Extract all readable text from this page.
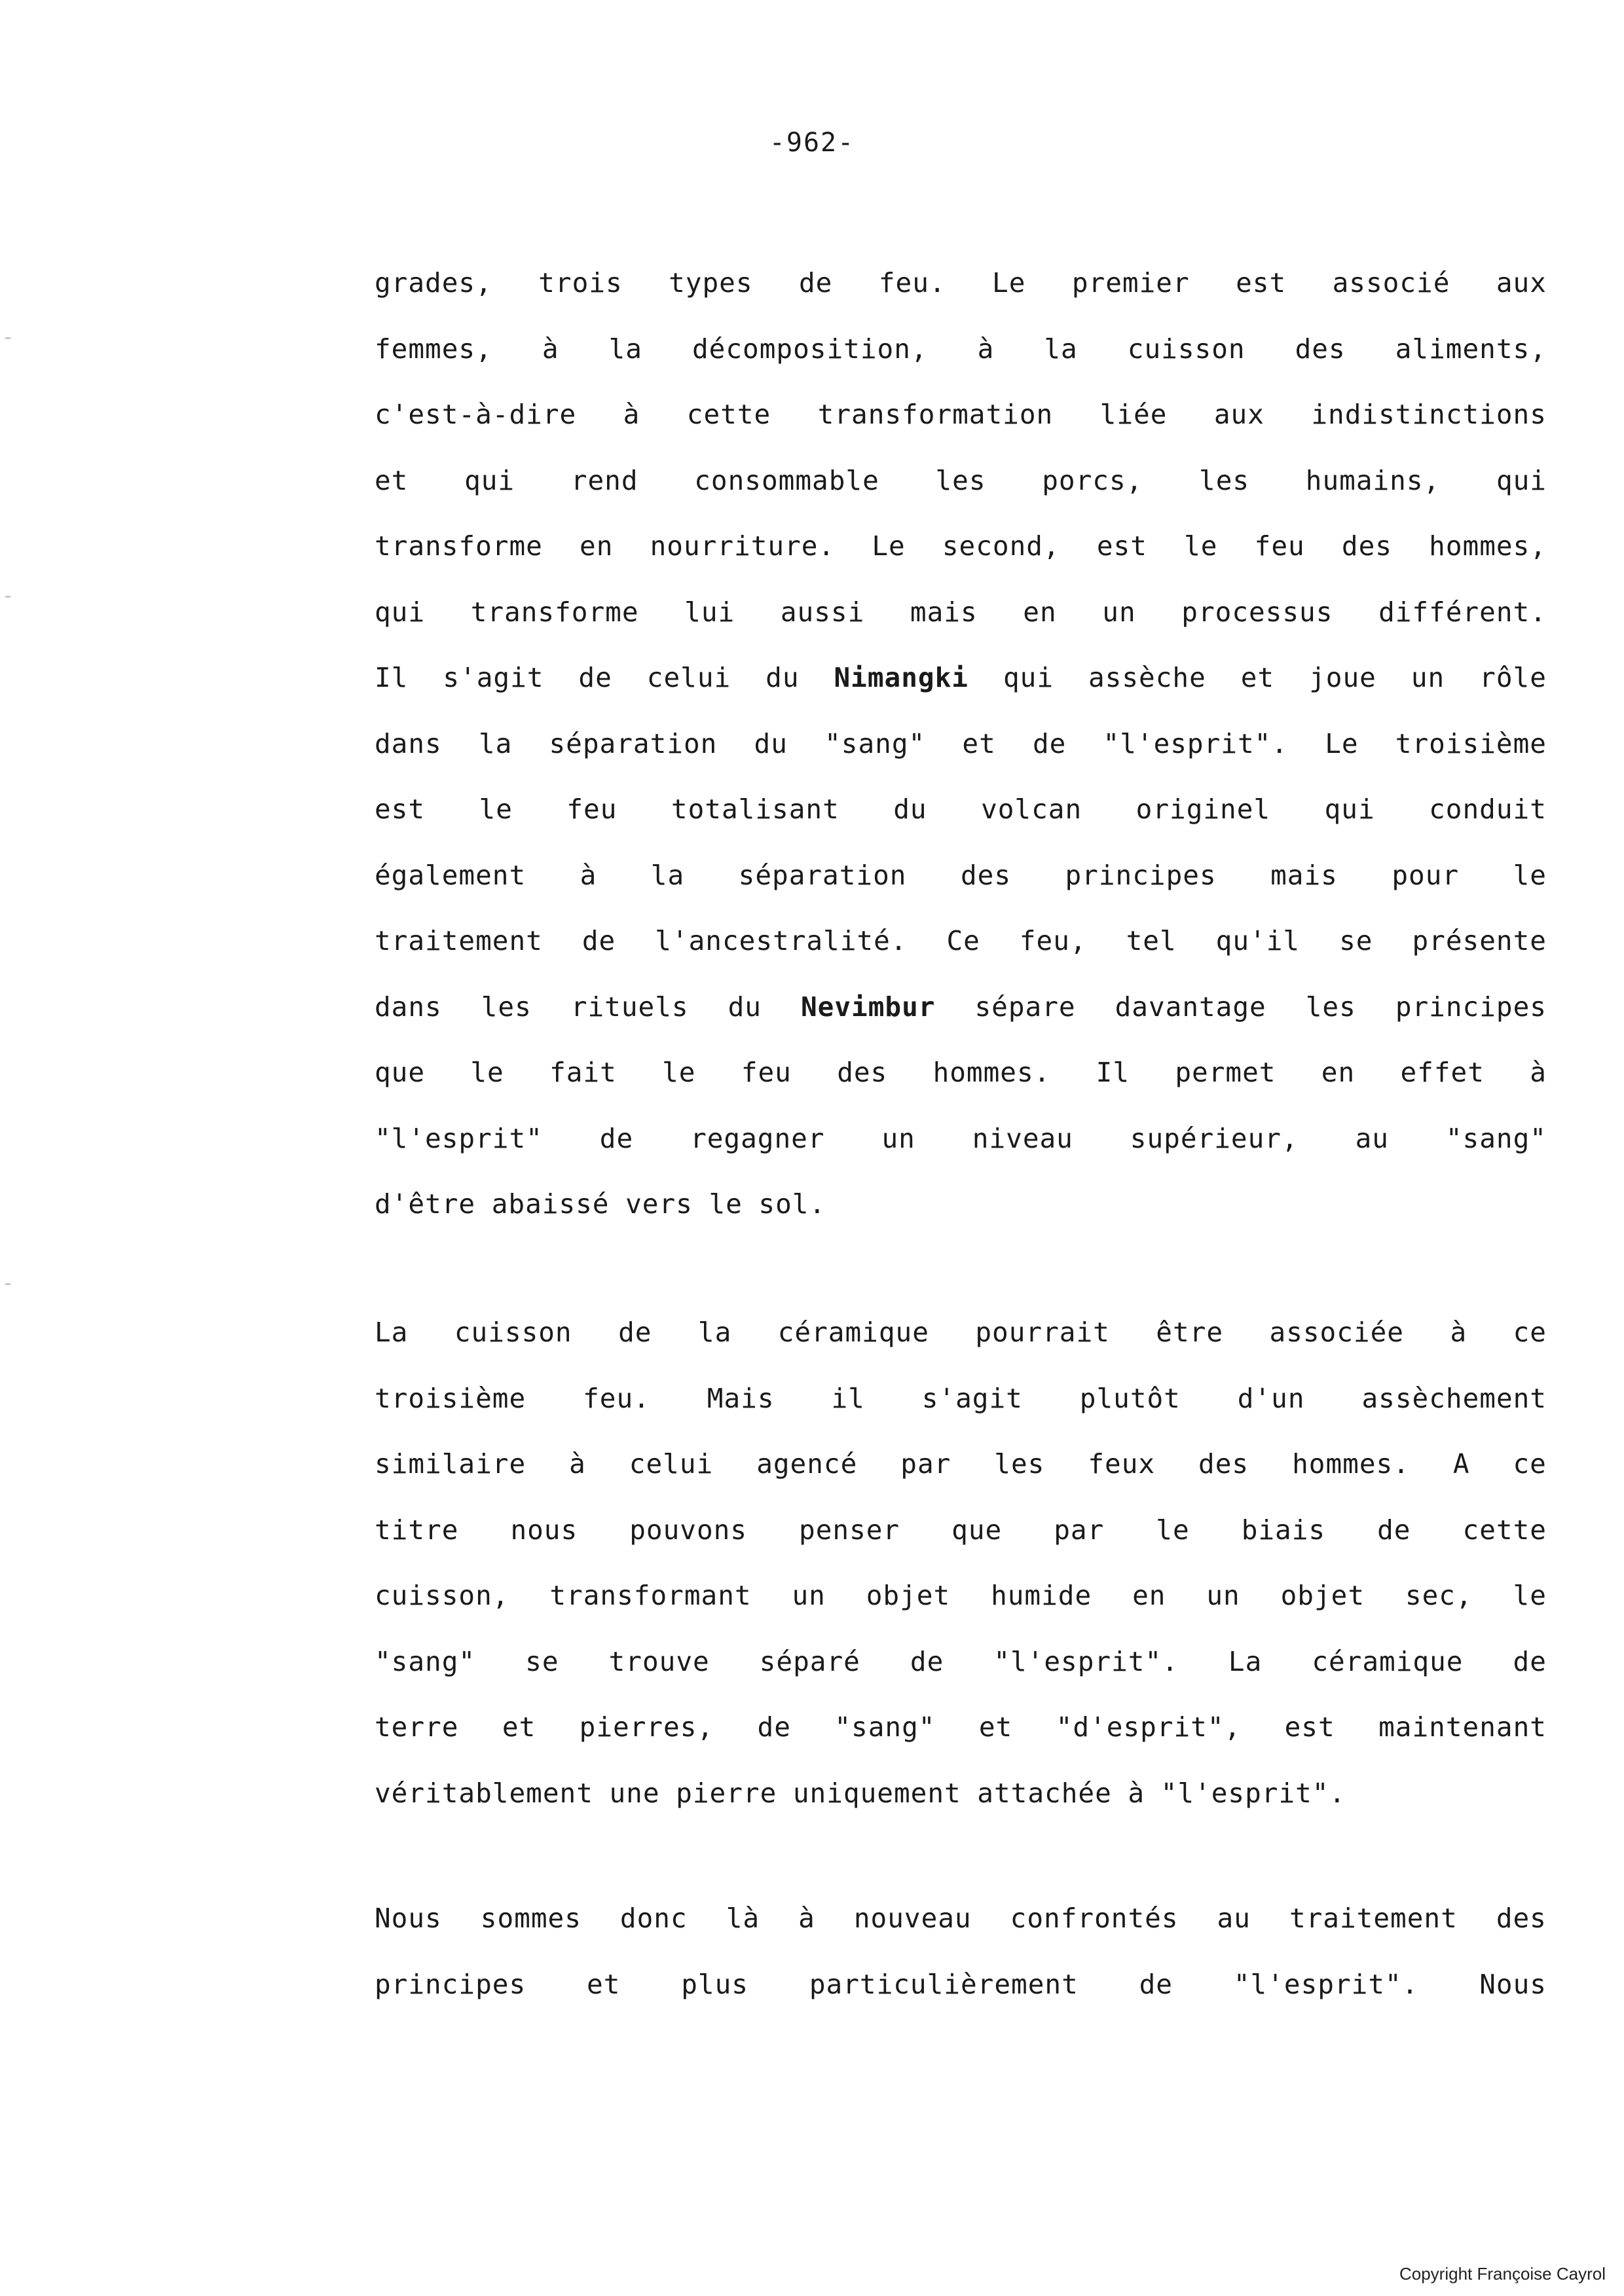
-962-
grades, trois types de feu. Le premier est associé aux
femmes, à la décomposition, à la cuisson des aliments,
c'est-à-dire à cette transformation liée aux indistinctions
et qui rend consommable les porcs, les humains, qui
transforme en nourriture. Le second, est le feu des hommes,
qui transforme lui aussi mais en un processus différent.
Il s'agit de celui du Nimangki qui assèche et joue un rôle
dans la séparation du "sang" et de "l'esprit". Le troisième
est le feu totalisant du volcan originel qui conduit
également à la séparation des principes mais pour le
traitement de l'ancestralité. Ce feu, tel qu'il se présente
dans les rituels du Nevimbur sépare davantage les principes
que le fait le feu des hommes. Il permet en effet à
"l'esprit" de regagner un niveau supérieur, au "sang"
d'être abaissé vers le sol.
La cuisson de la céramique pourrait être associée à ce
troisième feu. Mais il s'agit plutôt d'un assèchement
similaire à celui agencé par les feux des hommes. A ce
titre nous pouvons penser que par le biais de cette
cuisson, transformant un objet humide en un objet sec, le
"sang" se trouve séparé de "l'esprit". La céramique de
terre et pierres, de "sang" et "d'esprit", est maintenant
véritablement une pierre uniquement attachée à "l'esprit".
Nous sommes donc là à nouveau confrontés au traitement des
principes et plus particulièrement de "l'esprit". Nous
Copyright Françoise Cayrol
